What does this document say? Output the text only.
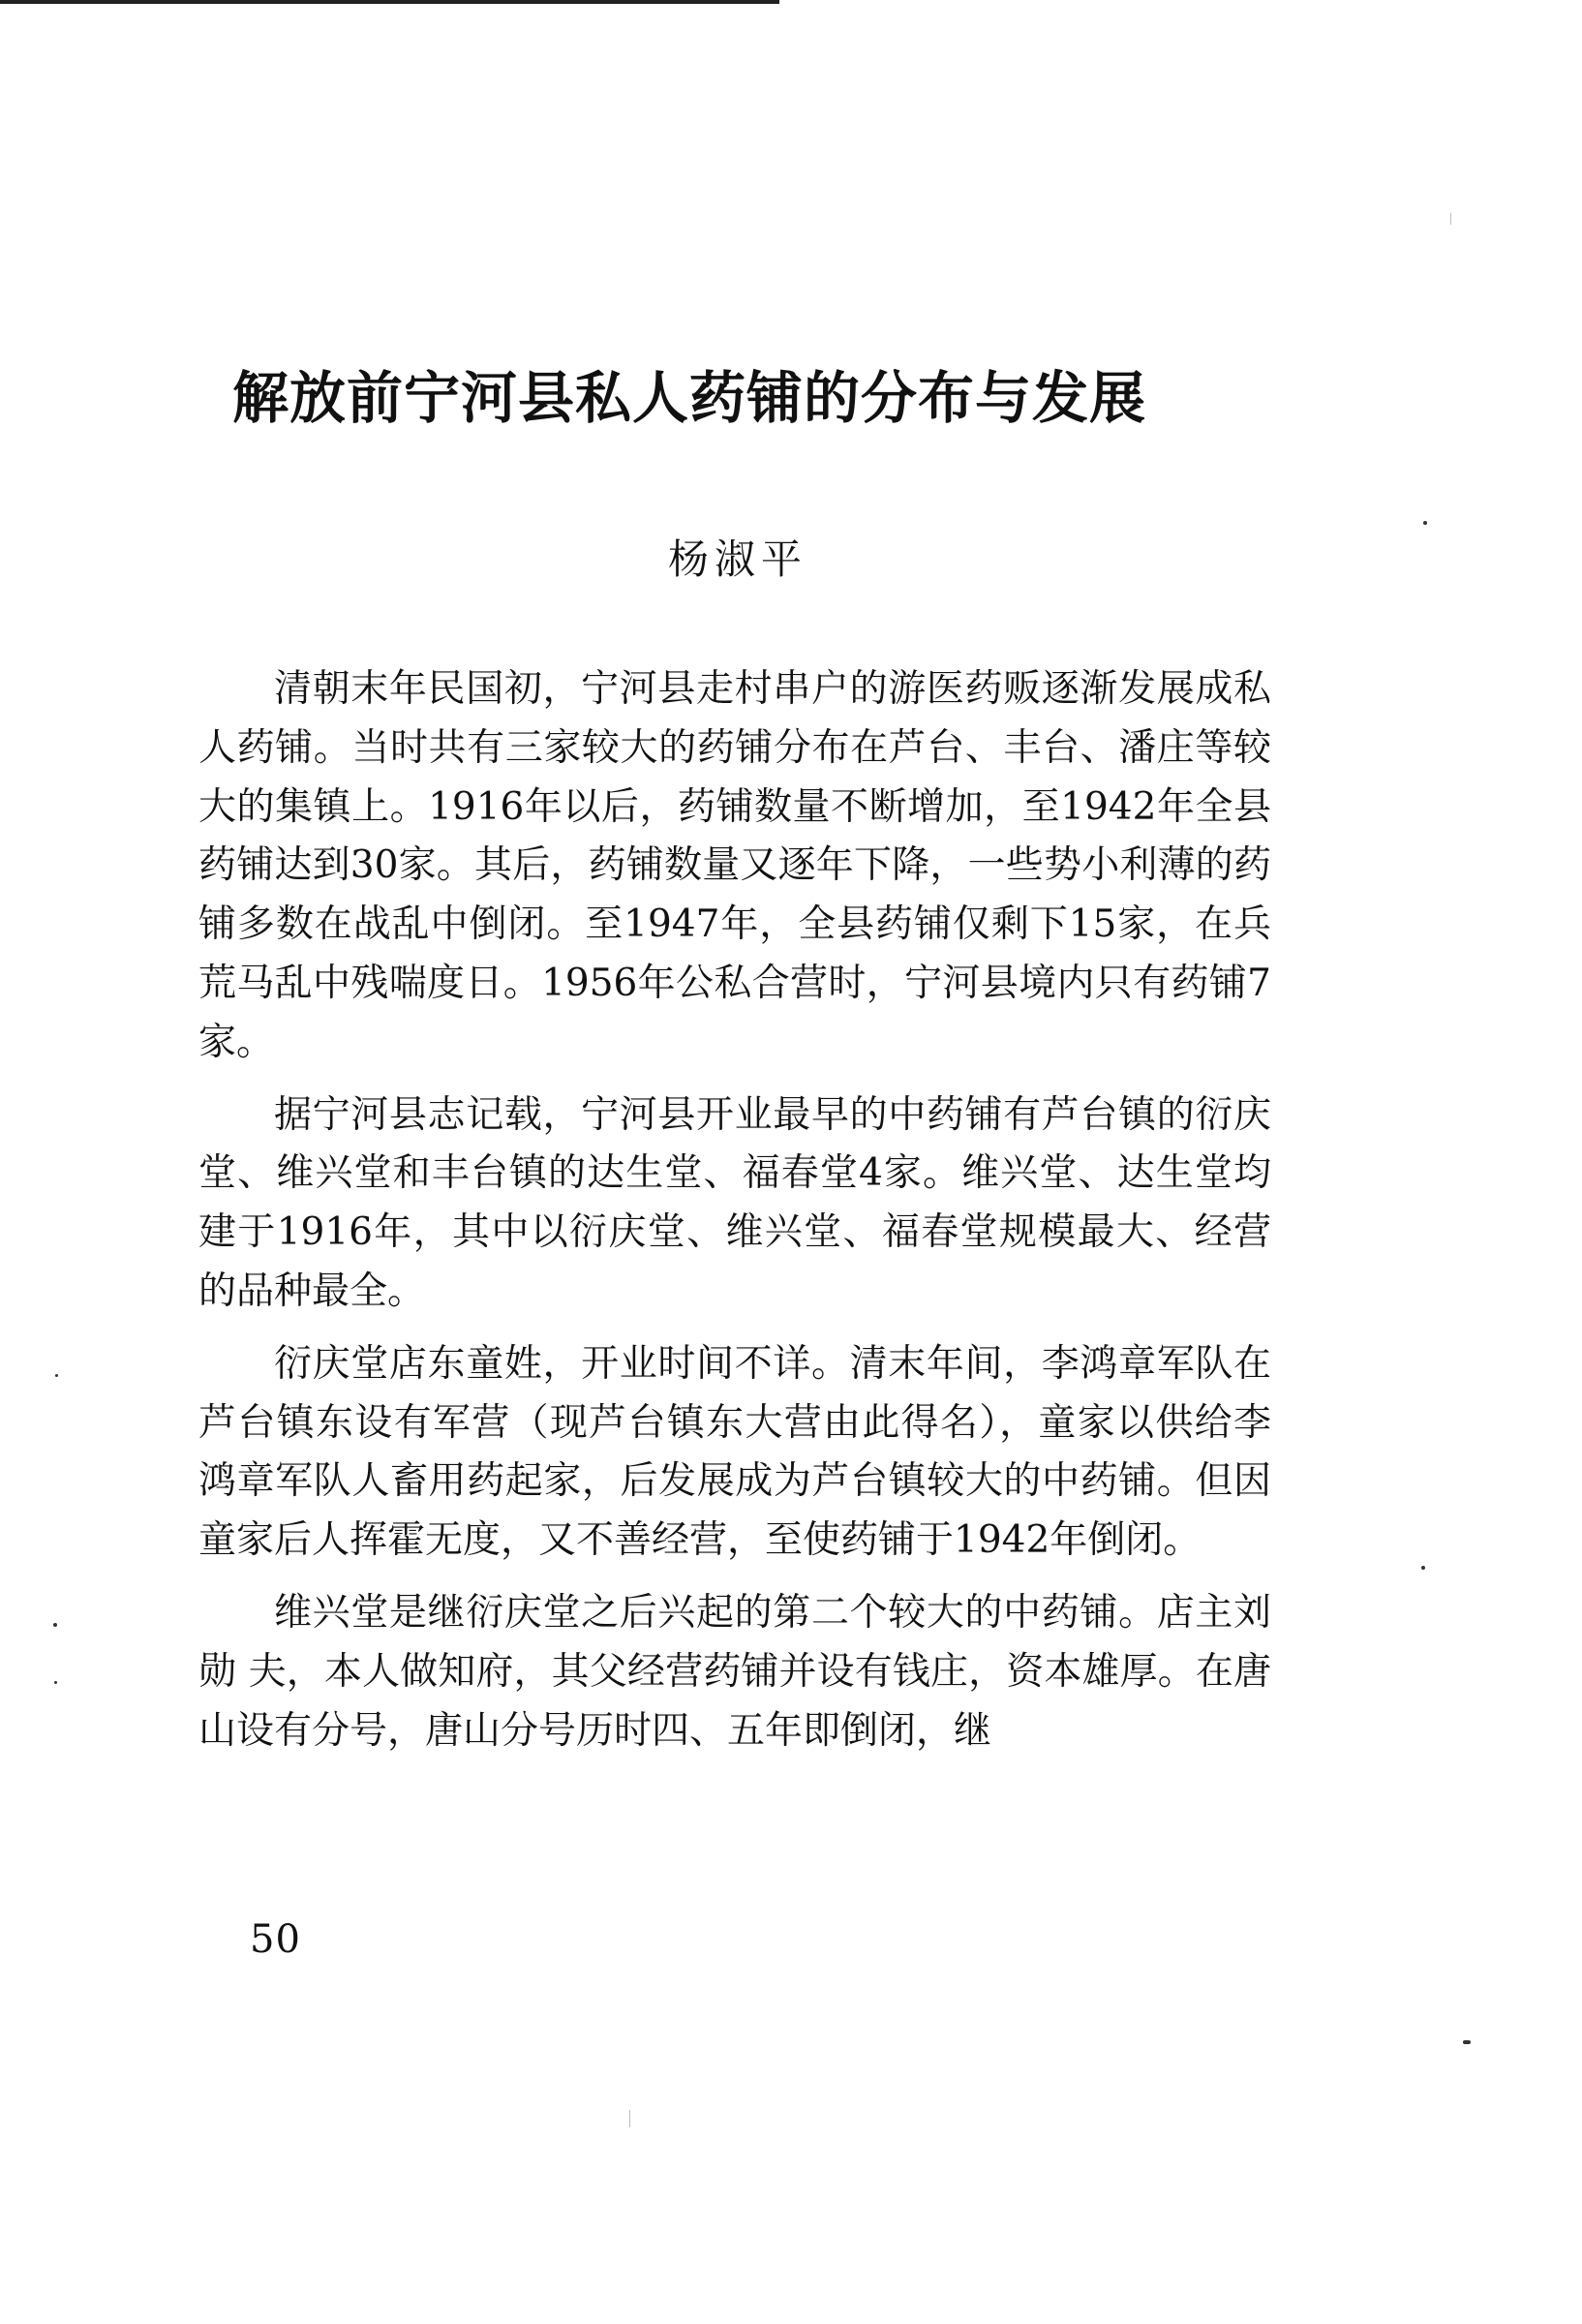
解放前宁河县私人药铺的分布与发展
杨淑平

清朝末年民国初，宁河县走村串户的游医药贩逐渐发展成私人药铺。当时共有三家较大的药铺分布在芦台、丰台、潘庄等较大的集镇上。1916年以后，药铺数量不断增加，至1942年全县药铺达到30家。其后，药铺数量又逐年下降，一些势小利薄的药铺多数在战乱中倒闭。至1947年，全县药铺仅剩下15家，在兵荒马乱中残喘度日。1956年公私合营时，宁河县境内只有药铺7家。

据宁河县志记载，宁河县开业最早的中药铺有芦台镇的衍庆堂、维兴堂和丰台镇的达生堂、福春堂4家。维兴堂、达生堂均建于1916年，其中以衍庆堂、维兴堂、福春堂规模最大、经营的品种最全。

衍庆堂店东童姓，开业时间不详。清末年间，李鸿章军队在芦台镇东设有军营（现芦台镇东大营由此得名），童家以供给李鸿章军队人畜用药起家，后发展成为芦台镇较大的中药铺。但因童家后人挥霍无度，又不善经营，至使药铺于1942年倒闭。

维兴堂是继衍庆堂之后兴起的第二个较大的中药铺。店主刘勋 夫，本人做知府，其父经营药铺并设有钱庄，资本雄厚。在唐山设有分号，唐山分号历时四、五年即倒闭，继

50
